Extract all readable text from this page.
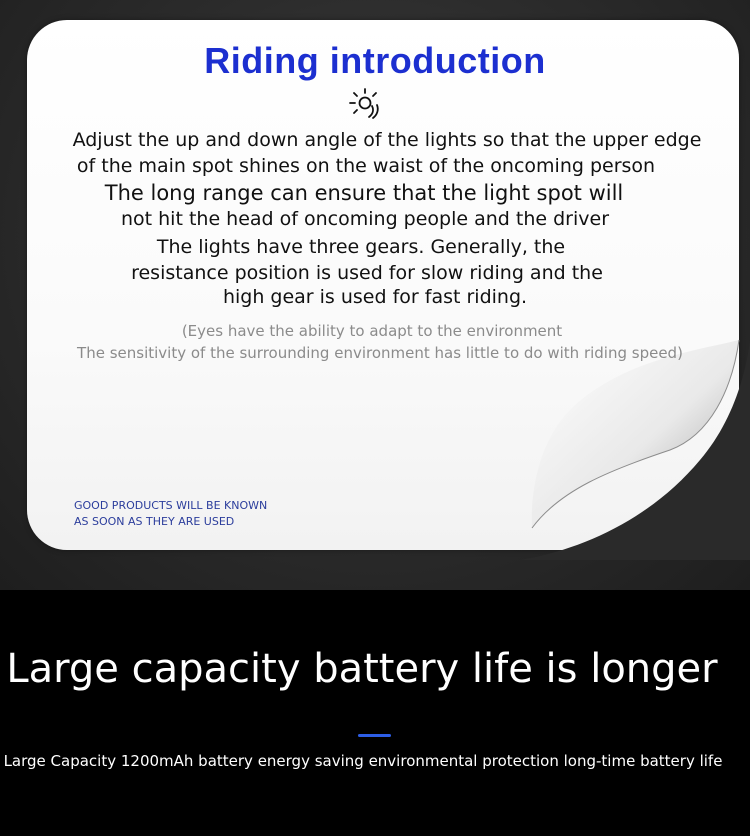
Riding introduction
Adjust the up and down angle of the lights so that the upper edge
of the main spot shines on the waist of the oncoming person
The long range can ensure that the light spot will
not hit the head of oncoming people and the driver
The lights have three gears. Generally, the
resistance position is used for slow riding and the
high gear is used for fast riding.
(Eyes have the ability to adapt to the environment
The sensitivity of the surrounding environment has little to do with riding speed)
GOOD PRODUCTS WILL BE KNOWN
AS SOON AS THEY ARE USED
Large capacity battery life is longer
Large Capacity 1200mAh battery energy saving environmental protection long-time battery life
